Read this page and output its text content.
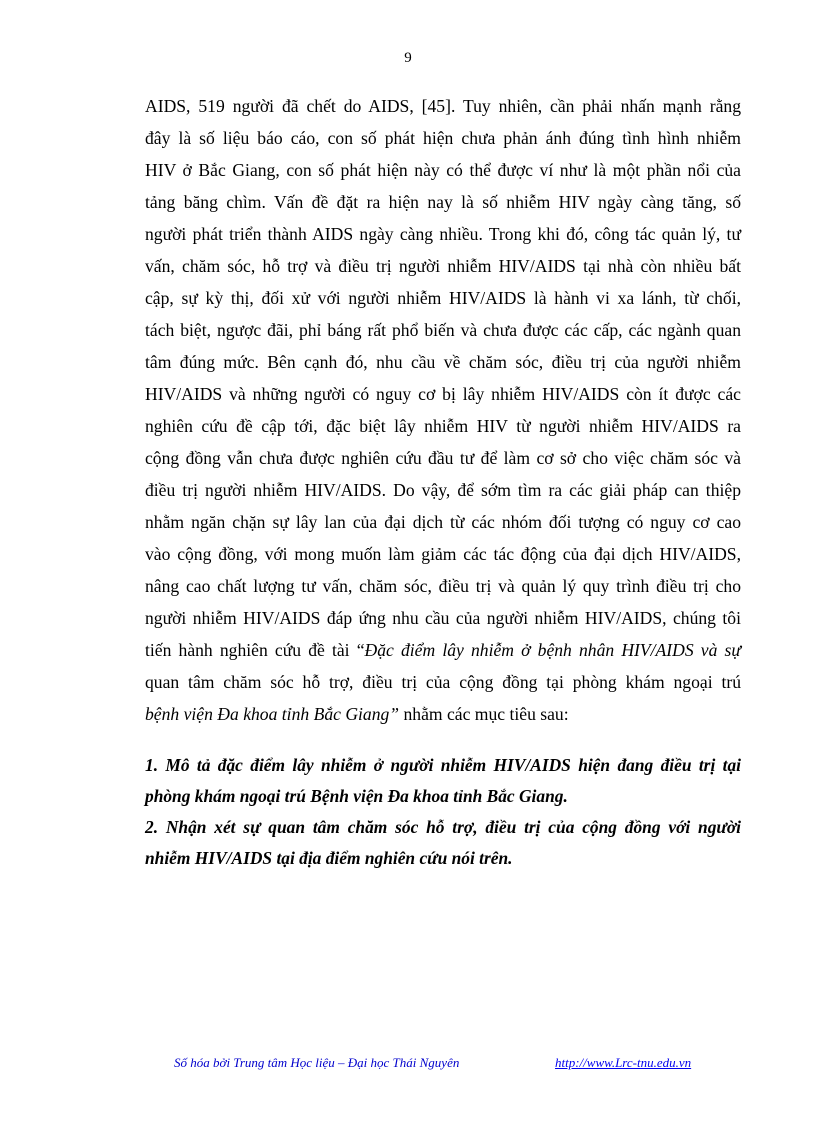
9
AIDS, 519 người đã chết do AIDS, [45]. Tuy nhiên, cần phải nhấn mạnh rằng
đây là số liệu báo cáo, con số phát hiện chưa phản ánh đúng tình hình nhiễm
HIV ở Bắc Giang, con số phát hiện này có thể được ví như là một phần nổi của
tảng băng chìm. Vấn đề đặt ra hiện nay là số nhiễm HIV ngày càng tăng, số
người phát triển thành AIDS ngày càng nhiều. Trong khi đó, công tác quản lý, tư
vấn, chăm sóc, hỗ trợ và điều trị người nhiễm HIV/AIDS tại nhà còn nhiều bất
cập, sự kỳ thị, đối xử với người nhiễm HIV/AIDS là hành vi xa lánh, từ chối,
tách biệt, ngược đãi, phỉ báng rất phổ biến và chưa được các cấp, các ngành quan
tâm đúng mức. Bên cạnh đó, nhu cầu về chăm sóc, điều trị của người nhiễm
HIV/AIDS và những người có nguy cơ bị lây nhiễm HIV/AIDS còn ít được các
nghiên cứu đề cập tới, đặc biệt lây nhiễm HIV từ người nhiễm HIV/AIDS ra
cộng đồng vẫn chưa được nghiên cứu đầu tư để làm cơ sở cho việc chăm sóc và
điều trị người nhiễm HIV/AIDS. Do vậy, để sớm tìm ra các giải pháp can thiệp
nhằm ngăn chặn sự lây lan của đại dịch từ các nhóm đối tượng có nguy cơ cao
vào cộng đồng, với mong muốn làm giảm các tác động của đại dịch HIV/AIDS,
nâng cao chất lượng tư vấn, chăm sóc, điều trị và quản lý quy trình điều trị cho
người nhiễm HIV/AIDS đáp ứng nhu cầu của người nhiễm HIV/AIDS, chúng tôi
tiến hành nghiên cứu đề tài “Đặc điểm lây nhiễm ở bệnh nhân HIV/AIDS và sự
quan tâm chăm sóc hỗ trợ, điều trị của cộng đồng tại phòng khám ngoại trú
bệnh viện Đa khoa tỉnh Bắc Giang” nhằm các mục tiêu sau:
1. Mô tả đặc điểm lây nhiễm ở người nhiễm HIV/AIDS hiện đang điều trị tại
phòng khám ngoại trú Bệnh viện Đa khoa tỉnh Bắc Giang.
2. Nhận xét sự quan tâm chăm sóc hỗ trợ, điều trị của cộng đồng với người
nhiễm HIV/AIDS tại địa điểm nghiên cứu nói trên.
Số hóa bởi Trung tâm Học liệu – Đại học Thái Nguyên	http://www.Lrc-tnu.edu.vn
